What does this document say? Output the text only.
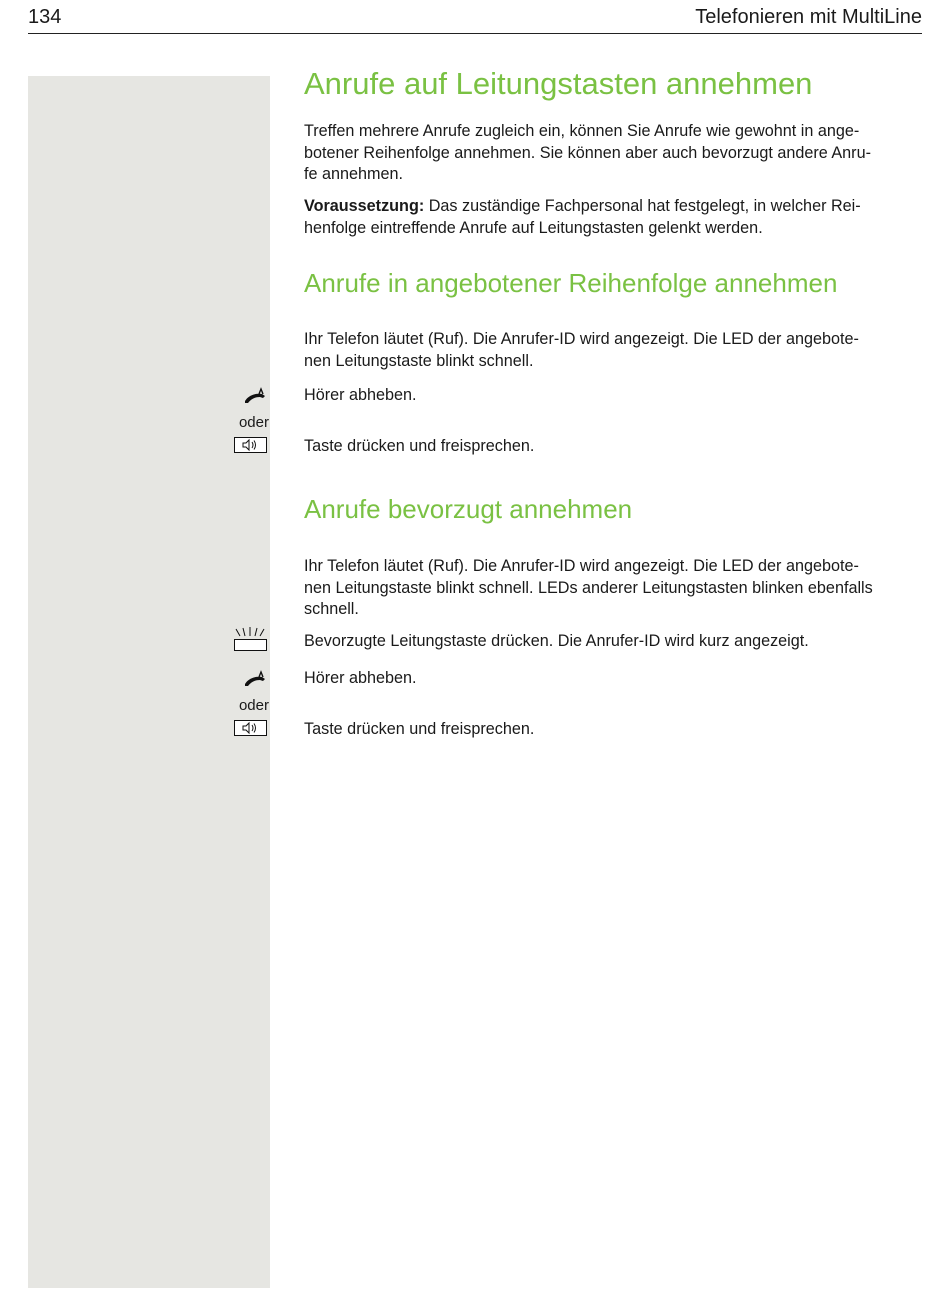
134	Telefonieren mit MultiLine
Anrufe auf Leitungstasten annehmen
Treffen mehrere Anrufe zugleich ein, können Sie Anrufe wie gewohnt in ange-
botener Reihenfolge annehmen. Sie können aber auch bevorzugt andere Anru-
fe annehmen.
Voraussetzung: Das zuständige Fachpersonal hat festgelegt, in welcher Rei-
henfolge eintreffende Anrufe auf Leitungstasten gelenkt werden.
Anrufe in angebotener Reihenfolge annehmen
Ihr Telefon läutet (Ruf). Die Anrufer-ID wird angezeigt. Die LED der angebote-
nen Leitungstaste blinkt schnell.

Hörer abheben.

oder

Taste drücken und freisprechen.

Anrufe bevorzugt annehmen
Ihr Telefon läutet (Ruf). Die Anrufer-ID wird angezeigt. Die LED der angebote-
nen Leitungstaste blinkt schnell. LEDs anderer Leitungstasten blinken ebenfalls
schnell.

Bevorzugte Leitungstaste drücken. Die Anrufer-ID wird kurz angezeigt.

Hörer abheben.

oder

Taste drücken und freisprechen.
